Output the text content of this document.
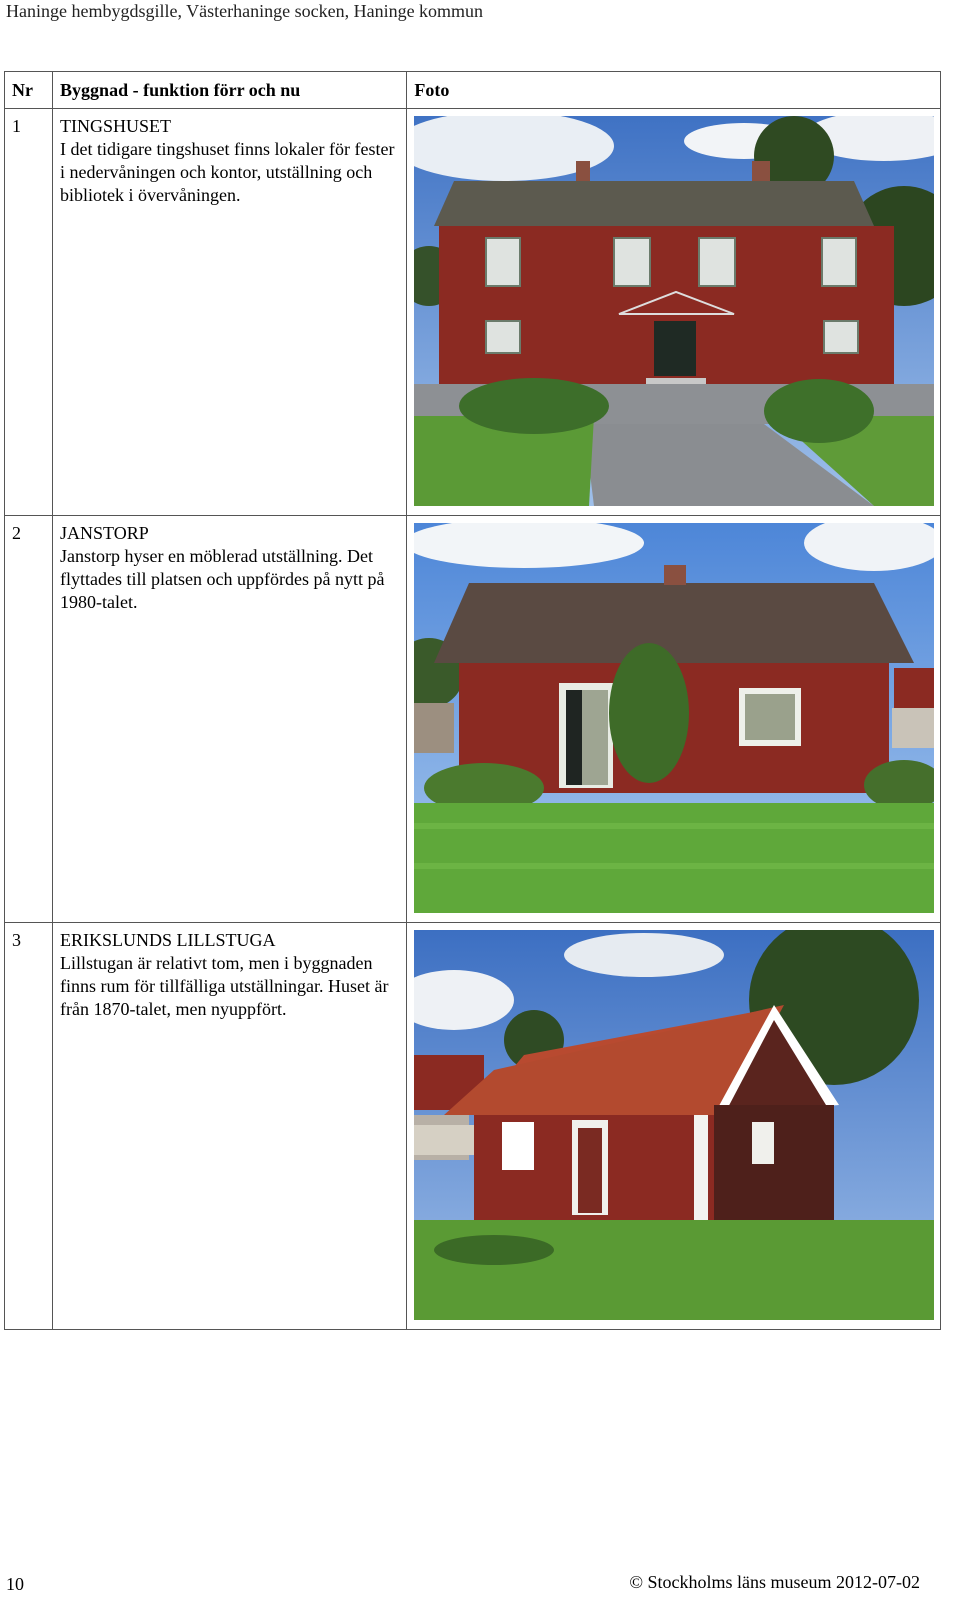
Haninge hembygdsgille, Västerhaninge socken, Haninge kommun
Nr	Byggnad - funktion förr och nu	Foto

1	TINGSHUSET
I det tidigare tingshuset finns lokaler för fester i nedervåningen och kontor, utställning och bibliotek i övervåningen.

2	JANSTORP
Janstorp hyser en möblerad utställning. Det flyttades till platsen och uppfördes på nytt på 1980-talet.

3	ERIKSLUNDS LILLSTUGA
Lillstugan är relativt tom, men i byggnaden finns rum för tillfälliga utställningar. Huset är från 1870-talet, men nyuppfört.

10	© Stockholms läns museum 2012-07-02
